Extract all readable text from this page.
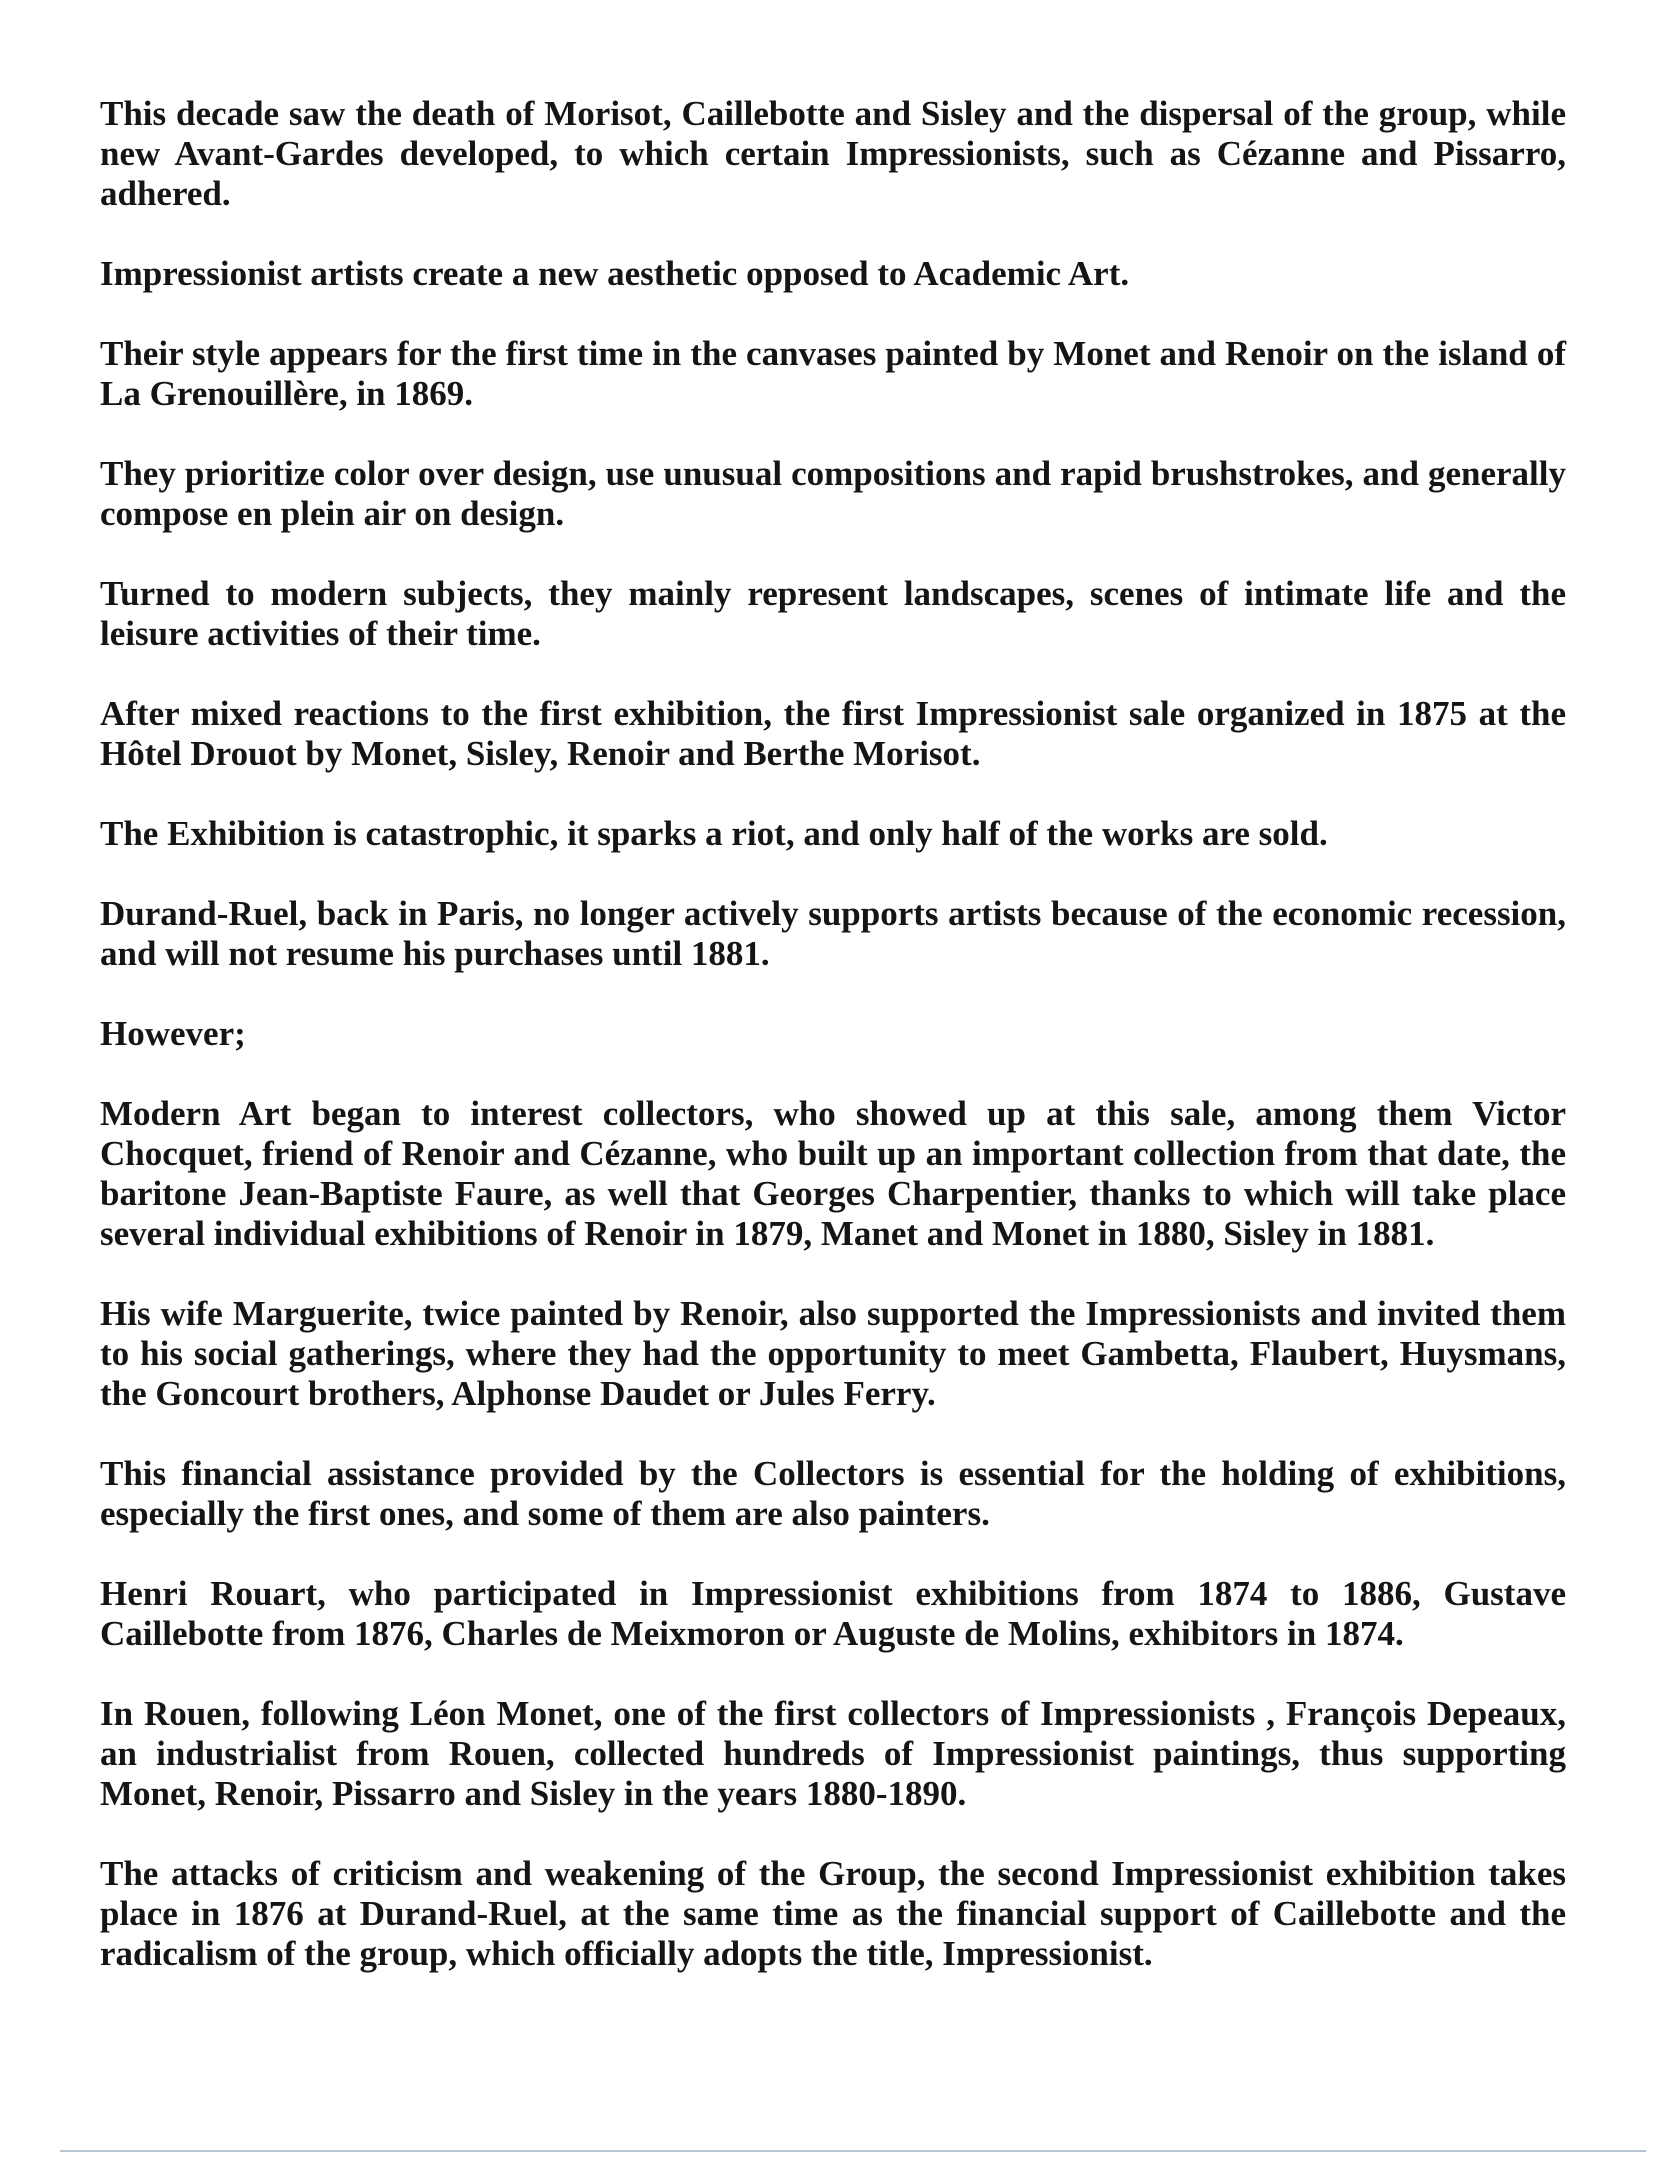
This decade saw the death of Morisot, Caillebotte and Sisley and the dispersal of the group, while new Avant-Gardes developed, to which certain Impressionists, such as Cézanne and Pissarro, adhered.

Impressionist artists create a new aesthetic opposed to Academic Art.

Their style appears for the first time in the canvases painted by Monet and Renoir on the island of La Grenouillère, in 1869.

They prioritize color over design, use unusual compositions and rapid brushstrokes, and generally compose en plein air on design.

Turned to modern subjects, they mainly represent landscapes, scenes of intimate life and the leisure activities of their time.

After mixed reactions to the first exhibition, the first Impressionist sale organized in 1875 at the Hôtel Drouot by Monet, Sisley, Renoir and Berthe Morisot.

The Exhibition is catastrophic, it sparks a riot, and only half of the works are sold.

Durand-Ruel, back in Paris, no longer actively supports artists because of the economic recession, and will not resume his purchases until 1881.

However;

Modern Art began to interest collectors, who showed up at this sale, among them Victor Chocquet, friend of Renoir and Cézanne, who built up an important collection from that date, the baritone Jean-Baptiste Faure, as well that Georges Charpentier, thanks to which will take place several individual exhibitions of Renoir in 1879, Manet and Monet in 1880, Sisley in 1881.

His wife Marguerite, twice painted by Renoir, also supported the Impressionists and invited them to his social gatherings, where they had the opportunity to meet Gambetta, Flaubert, Huysmans, the Goncourt brothers, Alphonse Daudet or Jules Ferry.

This financial assistance provided by the Collectors is essential for the holding of exhibitions, especially the first ones, and some of them are also painters.

Henri Rouart, who participated in Impressionist exhibitions from 1874 to 1886, Gustave Caillebotte from 1876, Charles de Meixmoron or Auguste de Molins, exhibitors in 1874.

In Rouen, following Léon Monet, one of the first collectors of Impressionists , François Depeaux, an industrialist from Rouen, collected hundreds of Impressionist paintings, thus supporting Monet, Renoir, Pissarro and Sisley in the years 1880-1890.

The attacks of criticism and weakening of the Group, the second Impressionist exhibition takes place in 1876 at Durand-Ruel, at the same time as the financial support of Caillebotte and the radicalism of the group, which officially adopts the title, Impressionist.
